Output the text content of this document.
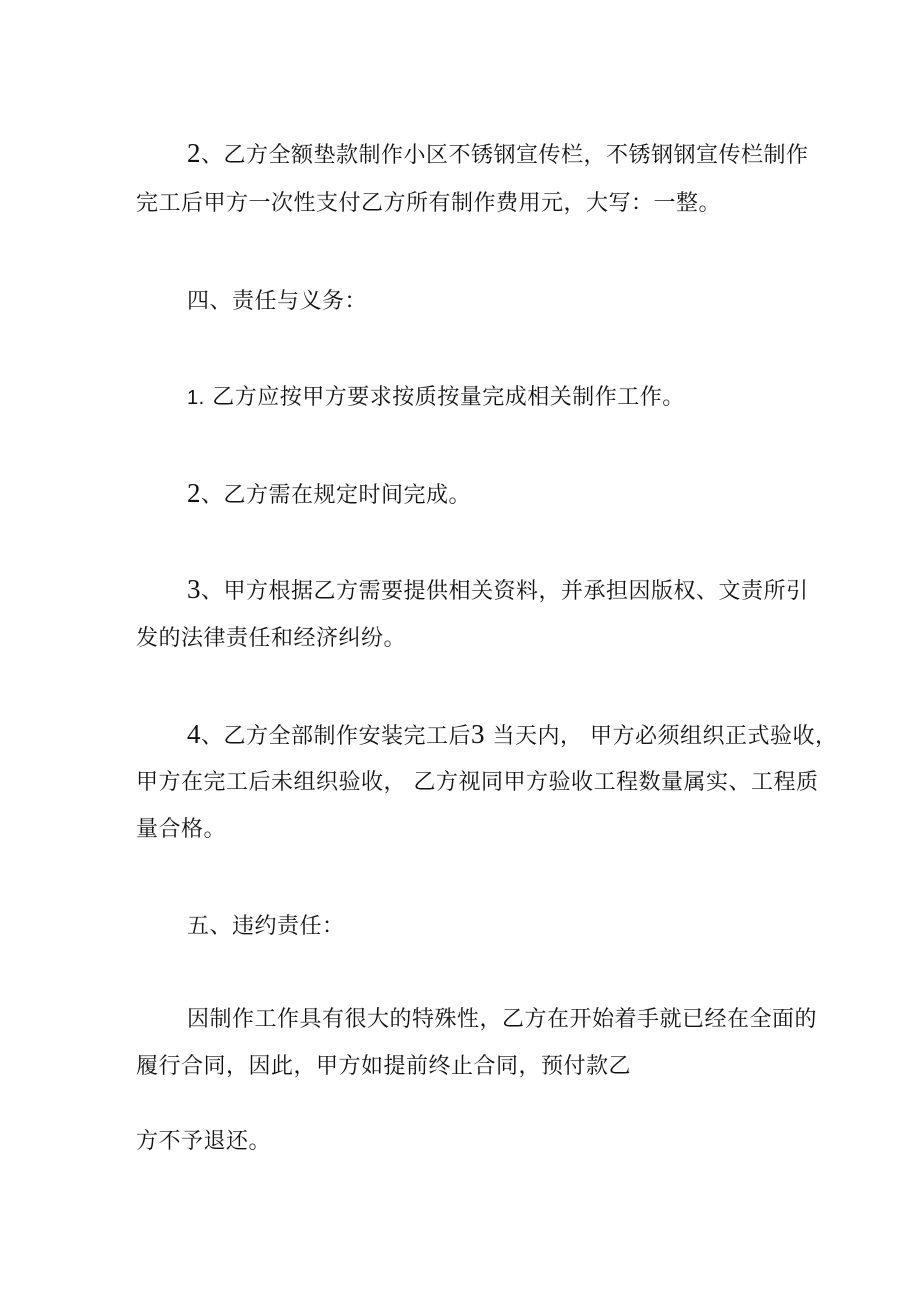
2、乙方全额垫款制作小区不锈钢宣传栏，不锈钢钢宣传栏制作
完工后甲方一次性支付乙方所有制作费用元，大写：一整。
四、责任与义务：
1. 乙方应按甲方要求按质按量完成相关制作工作。
2、乙方需在规定时间完成。
3、甲方根据乙方需要提供相关资料，并承担因版权、文责所引
发的法律责任和经济纠纷。
4、乙方全部制作安装完工后3 当天内， 甲方必须组织正式验收，
甲方在完工后未组织验收， 乙方视同甲方验收工程数量属实、工程质
量合格。
五、违约责任：
因制作工作具有很大的特殊性，乙方在开始着手就已经在全面的
履行合同，因此，甲方如提前终止合同，预付款乙
方不予退还。
